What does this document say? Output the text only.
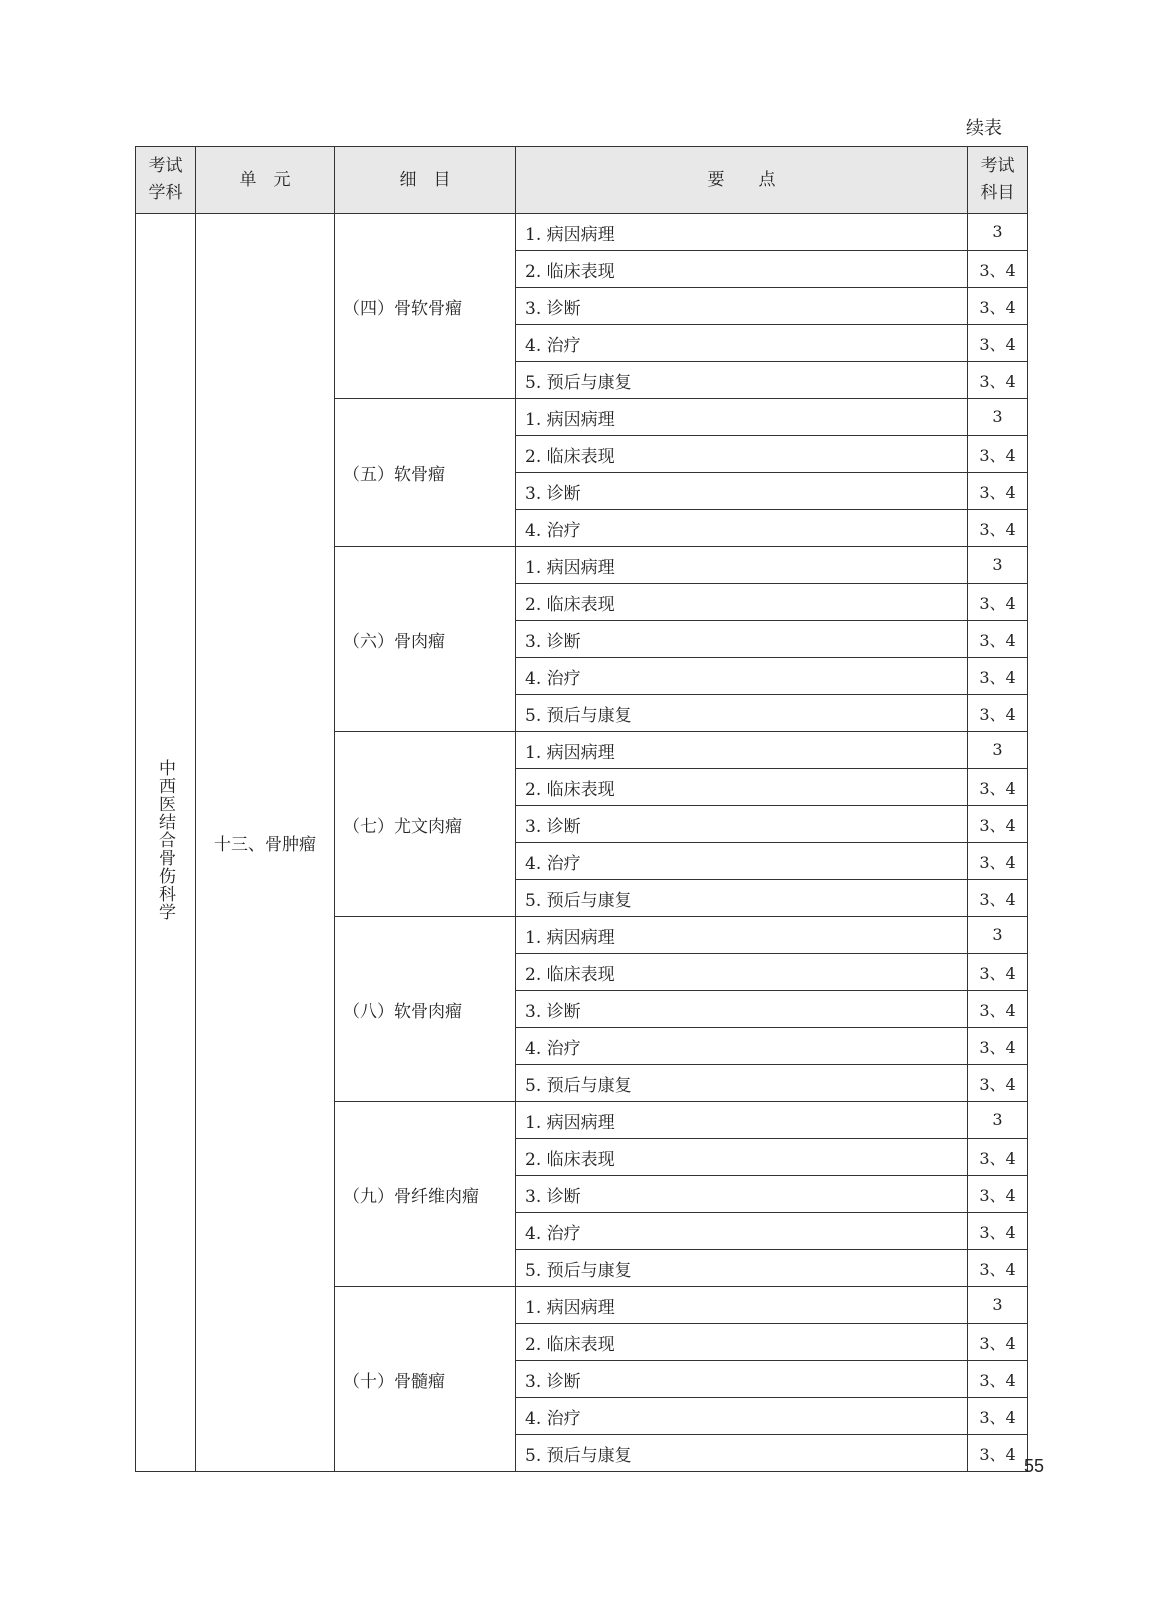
续表
考试
学科	单　元	细　目	要　　点	考试
科目
中西医结合骨伤科学	十三、骨肿瘤	（四）骨软骨瘤	1. 病因病理	3
			2. 临床表现	3、4
			3. 诊断	3、4
			4. 治疗	3、4
			5. 预后与康复	3、4
		（五）软骨瘤	1. 病因病理	3
			2. 临床表现	3、4
			3. 诊断	3、4
			4. 治疗	3、4
		（六）骨肉瘤	1. 病因病理	3
			2. 临床表现	3、4
			3. 诊断	3、4
			4. 治疗	3、4
			5. 预后与康复	3、4
		（七）尤文肉瘤	1. 病因病理	3
			2. 临床表现	3、4
			3. 诊断	3、4
			4. 治疗	3、4
			5. 预后与康复	3、4
		（八）软骨肉瘤	1. 病因病理	3
			2. 临床表现	3、4
			3. 诊断	3、4
			4. 治疗	3、4
			5. 预后与康复	3、4
		（九）骨纤维肉瘤	1. 病因病理	3
			2. 临床表现	3、4
			3. 诊断	3、4
			4. 治疗	3、4
			5. 预后与康复	3、4
		（十）骨髓瘤	1. 病因病理	3
			2. 临床表现	3、4
			3. 诊断	3、4
			4. 治疗	3、4
			5. 预后与康复	3、4
55
